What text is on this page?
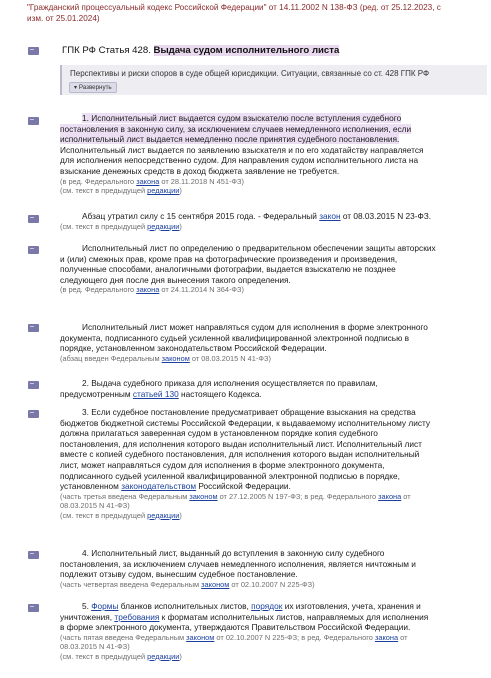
"Гражданский процессуальный кодекс Российской Федерации" от 14.11.2002 N 138-ФЗ (ред. от 25.12.2023, с
изм. от 25.01.2024)
ГПК РФ Статья 428. Выдача судом исполнительного листа
Перспективы и риски споров в суде общей юрисдикции. Ситуации, связанные со ст. 428 ГПК РФ
▾ Развернуть
1. Исполнительный лист выдается судом взыскателю после вступления судебного
постановления в законную силу, за исключением случаев немедленного исполнения, если
исполнительный лист выдается немедленно после принятия судебного постановления.
Исполнительный лист выдается по заявлению взыскателя и по его ходатайству направляется
для исполнения непосредственно судом. Для направления судом исполнительного листа на
взыскание денежных средств в доход бюджета заявление не требуется.
(в ред. Федерального закона от 28.11.2018 N 451-ФЗ)
(см. текст в предыдущей редакции)
Абзац утратил силу с 15 сентября 2015 года. - Федеральный закон от 08.03.2015 N 23-ФЗ.
(см. текст в предыдущей редакции)
Исполнительный лист по определению о предварительном обеспечении защиты авторских
и (или) смежных прав, кроме прав на фотографические произведения и произведения,
полученные способами, аналогичными фотографии, выдается взыскателю не позднее
следующего дня после дня вынесения такого определения.
(в ред. Федерального закона от 24.11.2014 N 364-ФЗ)
Исполнительный лист может направляться судом для исполнения в форме электронного
документа, подписанного судьей усиленной квалифицированной электронной подписью в
порядке, установленном законодательством Российской Федерации.
(абзац введен Федеральным законом от 08.03.2015 N 41-ФЗ)
2. Выдача судебного приказа для исполнения осуществляется по правилам,
предусмотренным статьей 130 настоящего Кодекса.
3. Если судебное постановление предусматривает обращение взыскания на средства
бюджетов бюджетной системы Российской Федерации, к выдаваемому исполнительному листу
должна прилагаться заверенная судом в установленном порядке копия судебного
постановления, для исполнения которого выдан исполнительный лист. Исполнительный лист
вместе с копией судебного постановления, для исполнения которого выдан исполнительный
лист, может направляться судом для исполнения в форме электронного документа,
подписанного судьей усиленной квалифицированной электронной подписью в порядке,
установленном законодательством Российской Федерации.
(часть третья введена Федеральным законом от 27.12.2005 N 197-ФЗ; в ред. Федерального закона от
08.03.2015 N 41-ФЗ)
(см. текст в предыдущей редакции)
4. Исполнительный лист, выданный до вступления в законную силу судебного
постановления, за исключением случаев немедленного исполнения, является ничтожным и
подлежит отзыву судом, вынесшим судебное постановление.
(часть четвертая введена Федеральным законом от 02.10.2007 N 225-ФЗ)
5. Формы бланков исполнительных листов, порядок их изготовления, учета, хранения и
уничтожения, требования к форматам исполнительных листов, направляемых для исполнения
в форме электронного документа, утверждаются Правительством Российской Федерации.
(часть пятая введена Федеральным законом от 02.10.2007 N 225-ФЗ; в ред. Федерального закона от
08.03.2015 N 41-ФЗ)
(см. текст в предыдущей редакции)
